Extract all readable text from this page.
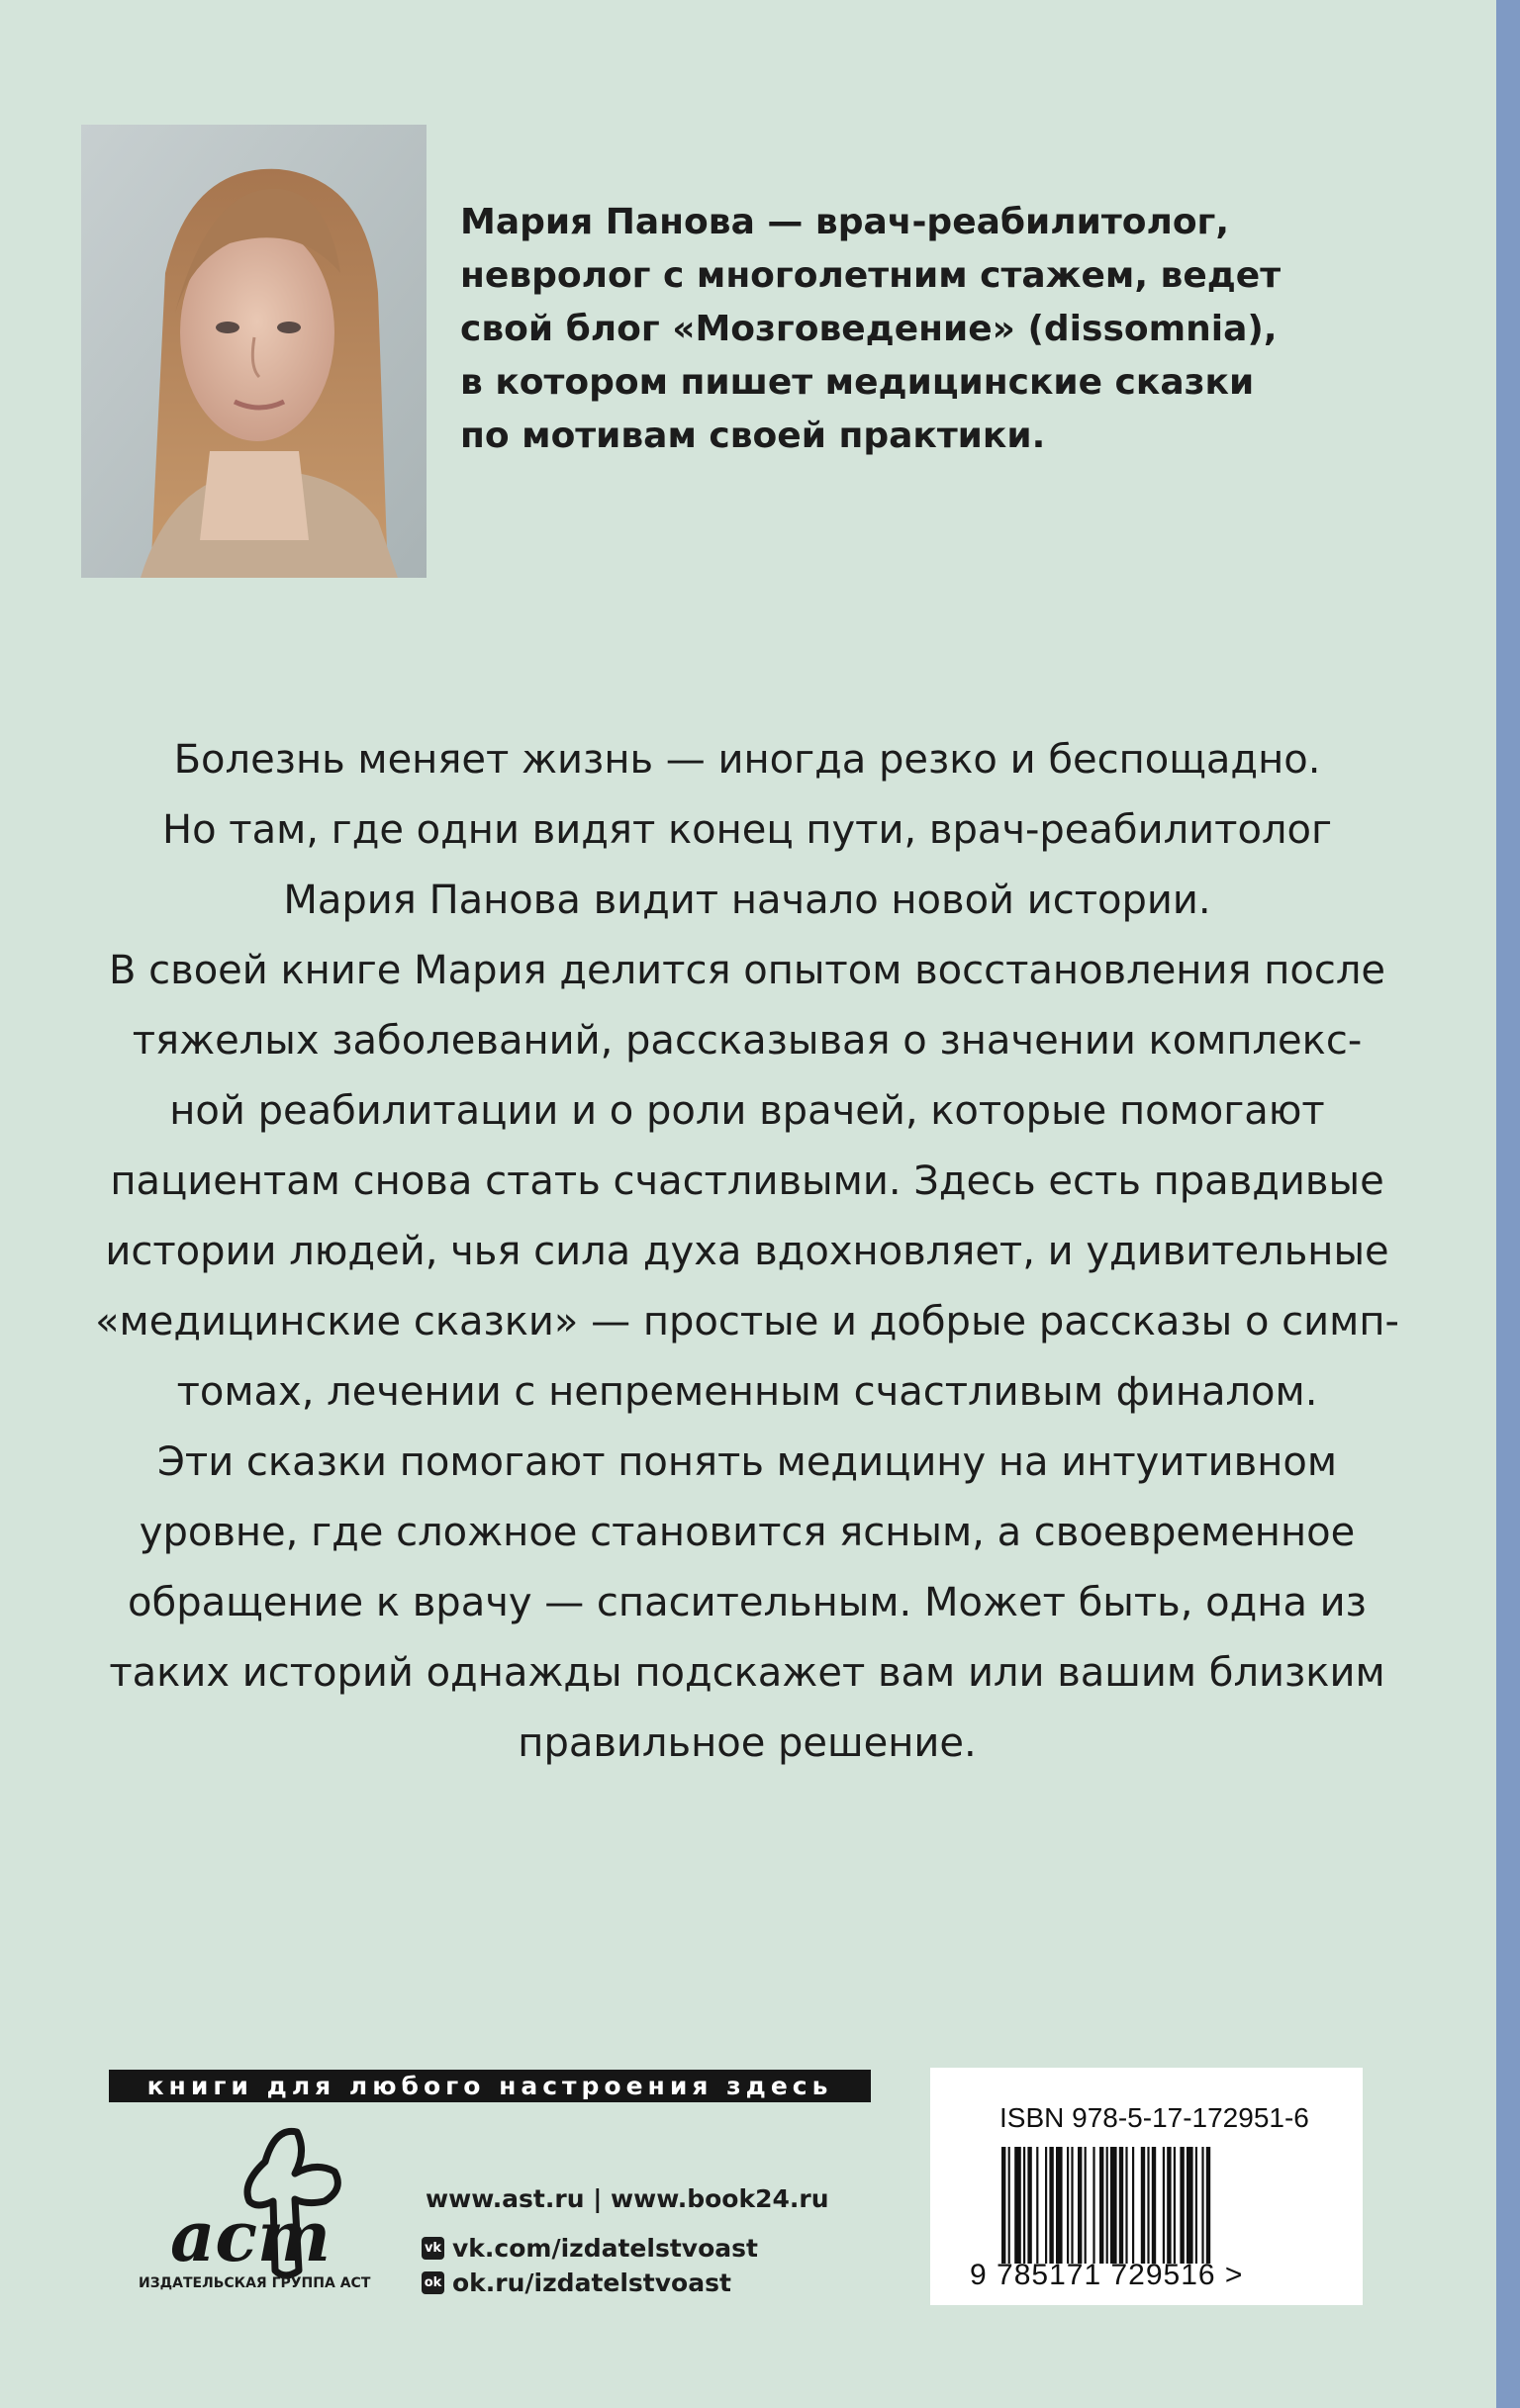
Мария Панова — врач-реабилитолог,
невролог с многолетним стажем, ведет
свой блог «Мозговедение» (dissomnia),
в котором пишет медицинские сказки
по мотивам своей практики.
Болезнь меняет жизнь — иногда резко и беспощадно.
Но там, где одни видят конец пути, врач-реабилитолог
Мария Панова видит начало новой истории.
В своей книге Мария делится опытом восстановления после
тяжелых заболеваний, рассказывая о значении комплекс-
ной реабилитации и о роли врачей, которые помогают
пациентам снова стать счастливыми. Здесь есть правдивые
истории людей, чья сила духа вдохновляет, и удивительные
«медицинские сказки» — простые и добрые рассказы о симп-
томах, лечении с непременным счастливым финалом.
Эти сказки помогают понять медицину на интуитивном
уровне, где сложное становится ясным, а своевременное
обращение к врачу — спасительным. Может быть, одна из
таких историй однажды подскажет вам или вашим близким
правильное решение.
книги для любого настроения здесь
аст
ИЗДАТЕЛЬСКАЯ ГРУППА АСТ
www.ast.ru | www.book24.ru
vk vk.com/izdatelstvoast
ok ok.ru/izdatelstvoast
ISBN 978-5-17-172951-6
9 785171 729516 >
